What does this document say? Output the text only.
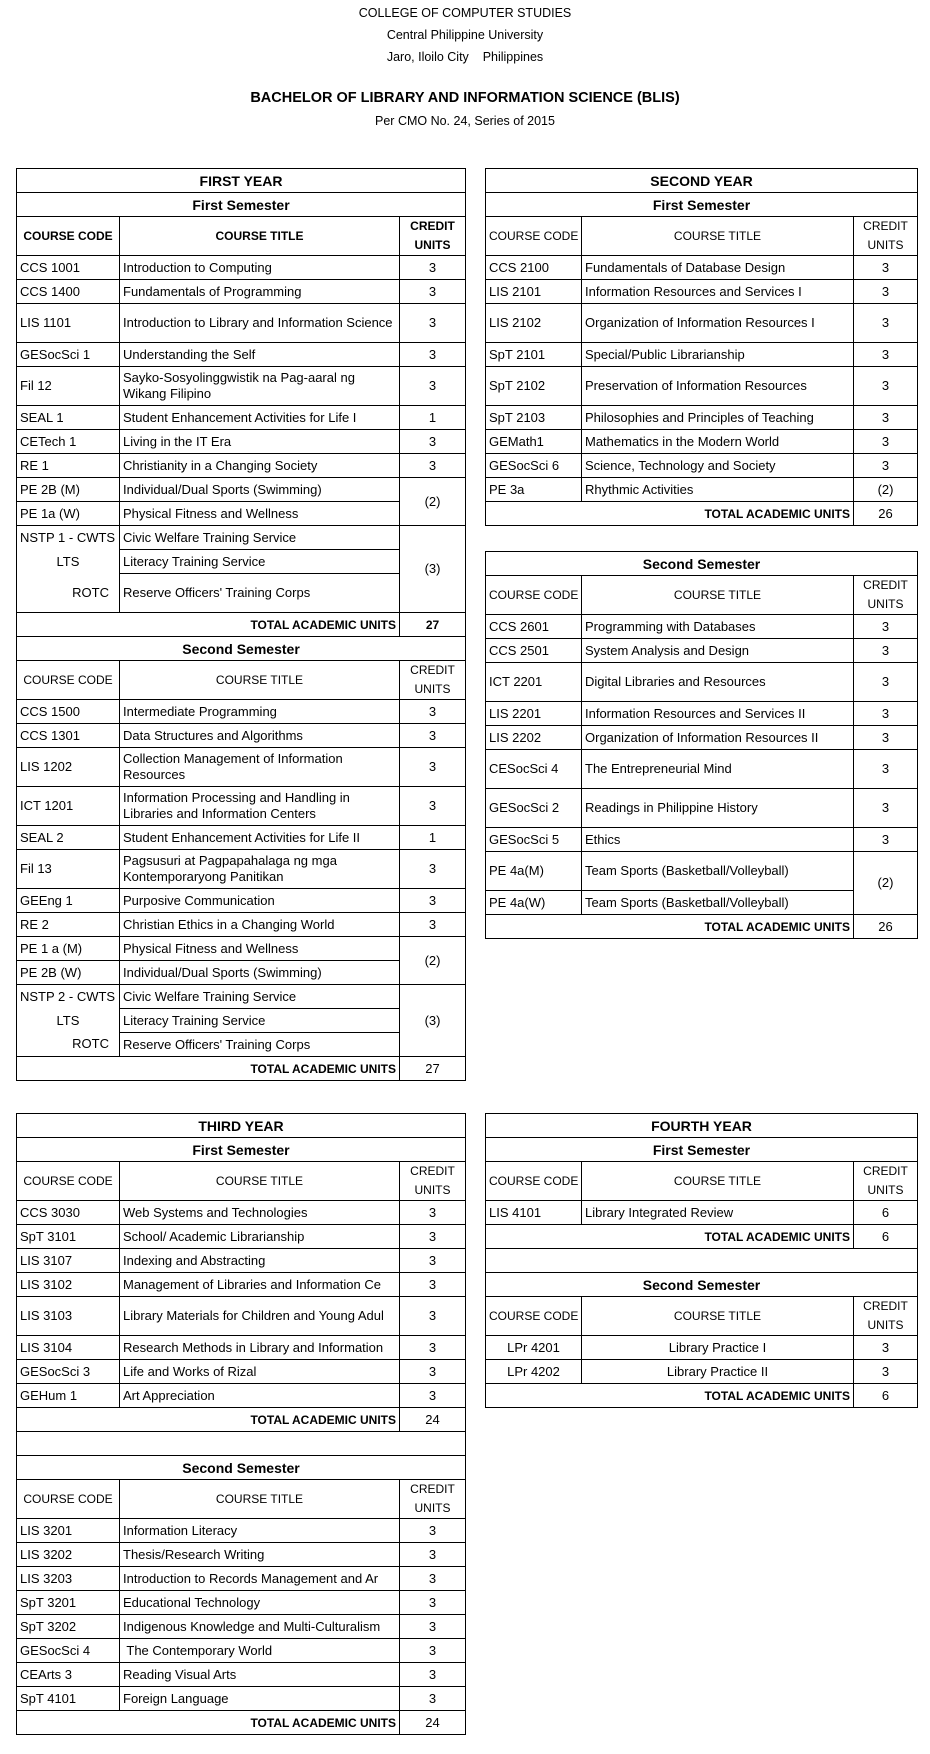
COLLEGE OF COMPUTER STUDIES
Central Philippine University
Jaro, Iloilo City    Philippines
BACHELOR OF LIBRARY AND INFORMATION SCIENCE (BLIS)
Per CMO No. 24, Series of 2015
FIRST YEAR		
First Semester		
COURSE CODE	COURSE TITLE	CREDIT UNITS
CCS 1001	Introduction to Computing	3
CCS 1400	Fundamentals of Programming	3
LIS 1101	Introduction to Library and Information Science	3
GESocSci 1	Understanding the Self	3
Fil 12	Sayko-Sosyolinggwistik na Pag-aaral ng Wikang Filipino	3
SEAL 1	Student Enhancement Activities for Life I	1
CETech 1	Living in the IT Era	3
RE 1	Christianity in a Changing Society	3
PE 2B (M)	Individual/Dual Sports (Swimming)	(2)
PE 1a (W)	Physical Fitness and Wellness	
NSTP 1 - CWTS	Civic Welfare Training Service	(3)
LTS	Literacy Training Service	
ROTC	Reserve Officers' Training Corps	
TOTAL ACADEMIC UNITS		27
Second Semester		
COURSE CODE	COURSE TITLE	CREDIT UNITS
CCS 1500	Intermediate Programming	3
CCS 1301	Data Structures and Algorithms	3
LIS 1202	Collection Management of Information Resources	3
ICT 1201	Information Processing and Handling in Libraries and Information Centers	3
SEAL 2	Student Enhancement Activities for Life II	1
Fil 13	Pagsusuri at Pagpapahalaga ng mga Kontemporaryong Panitikan	3
GEEng 1	Purposive Communication	3
RE 2	Christian Ethics in a Changing World	3
PE 1 a (M)	Physical Fitness and Wellness	(2)
PE 2B (W)	Individual/Dual Sports (Swimming)	
NSTP 2 - CWTS	Civic Welfare Training Service	(3)
LTS	Literacy Training Service	
ROTC	Reserve Officers' Training Corps	
TOTAL ACADEMIC UNITS		27
SECOND YEAR		
First Semester		
COURSE CODE	COURSE TITLE	CREDIT UNITS
CCS 2100	Fundamentals of Database Design	3
LIS 2101	Information Resources and Services I	3
LIS 2102	Organization of Information Resources I	3
SpT 2101	Special/Public Librarianship	3
SpT 2102	Preservation of Information Resources	3
SpT 2103	Philosophies and Principles of Teaching	3
GEMath1	Mathematics in the Modern World	3
GESocSci 6	Science, Technology and Society	3
PE 3a	Rhythmic Activities	(2)
TOTAL ACADEMIC UNITS		26
Second Semester		
COURSE CODE	COURSE TITLE	CREDIT UNITS
CCS 2601	Programming with Databases	3
CCS 2501	System Analysis and Design	3
ICT 2201	Digital Libraries and Resources	3
LIS 2201	Information Resources and Services II	3
LIS 2202	Organization of Information Resources II	3
CESocSci 4	The Entrepreneurial Mind	3
GESocSci 2	Readings in Philippine History	3
GESocSci 5	Ethics	3
PE 4a(M)	Team Sports (Basketball/Volleyball)	(2)
PE 4a(W)	Team Sports (Basketball/Volleyball)	
TOTAL ACADEMIC UNITS		26
THIRD YEAR		
First Semester		
COURSE CODE	COURSE TITLE	CREDIT UNITS
CCS 3030	Web Systems and Technologies	3
SpT 3101	School/ Academic Librarianship	3
LIS 3107	Indexing and Abstracting	3
LIS 3102	Management of Libraries and Information Ce	3
LIS 3103	Library Materials for Children and Young Adul	3
LIS 3104	Research Methods in Library and Information	3
GESocSci 3	Life and Works of Rizal	3
GEHum 1	Art Appreciation	3
TOTAL ACADEMIC UNITS		24

Second Semester		
COURSE CODE	COURSE TITLE	CREDIT UNITS
LIS 3201	Information Literacy	3
LIS 3202	Thesis/Research Writing	3
LIS 3203	Introduction to Records Management and Ar	3
SpT 3201	Educational Technology	3
SpT 3202	Indigenous Knowledge and Multi-Culturalism	3
GESocSci 4	The Contemporary World	3
CEArts 3	Reading Visual Arts	3
SpT 4101	Foreign Language	3
TOTAL ACADEMIC UNITS		24
FOURTH YEAR		
First Semester		
COURSE CODE	COURSE TITLE	CREDIT UNITS
LIS 4101	Library Integrated Review	6
TOTAL ACADEMIC UNITS		6

Second Semester		
COURSE CODE	COURSE TITLE	CREDIT UNITS
LPr 4201	Library Practice I	3
LPr 4202	Library Practice II	3
TOTAL ACADEMIC UNITS		6
